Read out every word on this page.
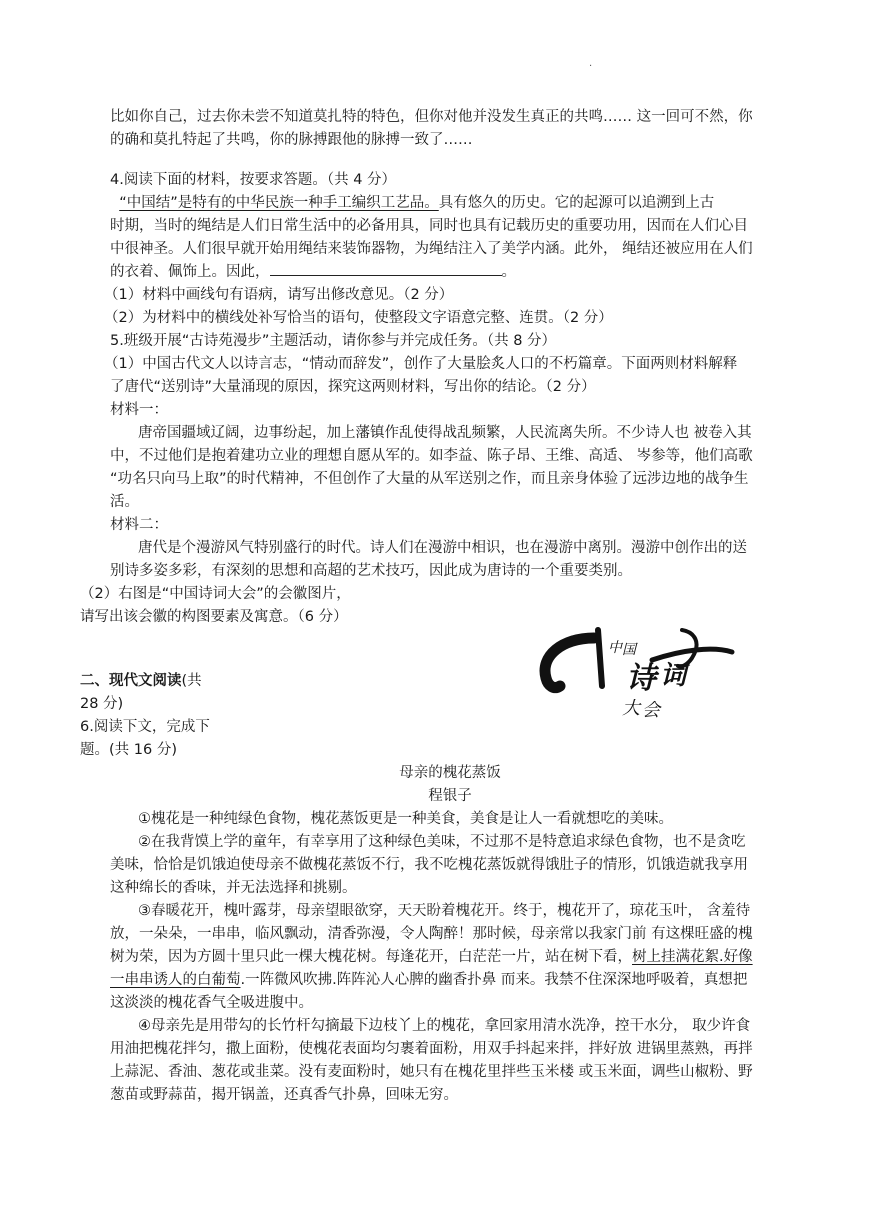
.
比如你自己，过去你未尝不知道莫扎特的特色，但你对他并没发生真正的共鸣…… 这一回可不然，你
的确和莫扎特起了共鸣，你的脉搏跟他的脉搏一致了……
4.阅读下面的材料，按要求答题。（共 4 分）
“中国结”是特有的中华民族一种手工编织工艺品。具有悠久的历史。它的起源可以追溯到上古
时期，当时的绳结是人们日常生活中的必备用具，同时也具有记载历史的重要功用，因而在人们心目
中很神圣。人们很早就开始用绳结来装饰器物，为绳结注入了美学内涵。此外， 绳结还被应用在人们
的衣着、佩饰上。因此，	。
（1）材料中画线句有语病，请写出修改意见。（2 分）
（2）为材料中的横线处补写恰当的语句，使整段文字语意完整、连贯。（2 分）
5.班级开展“古诗苑漫步”主题活动，请你参与并完成任务。（共 8 分）
（1）中国古代文人以诗言志，“情动而辞发”，创作了大量脍炙人口的不朽篇章。下面两则材料解释
了唐代“送别诗”大量涌现的原因，探究这两则材料，写出你的结论。（2 分）
材料一：
唐帝国疆域辽阔，边事纷起，加上藩镇作乱使得战乱频繁，人民流离失所。不少诗人也 被卷入其
中，不过他们是抱着建功立业的理想自愿从军的。如李益、陈子昂、王维、高适、 岑参等，他们高歌
“功名只向马上取”的时代精神，不但创作了大量的从军送别之作，而且亲身体验了远涉边地的战争生
活。
材料二：
唐代是个漫游风气特别盛行的时代。诗人们在漫游中相识，也在漫游中离别。漫游中创作出的送
别诗多姿多彩，有深刻的思想和高超的艺术技巧，因此成为唐诗的一个重要类别。
（2）右图是“中国诗词大会”的会徽图片，
请写出该会徽的构图要素及寓意。（6 分）
中 国
诗 词
大 会
二、现代文阅读(共
28 分)
6.阅读下文，完成下
题。(共 16 分)
母亲的槐花蒸饭
程银子
①槐花是一种纯绿色食物，槐花蒸饭更是一种美食，美食是让人一看就想吃的美味。
②在我背馍上学的童年，有幸享用了这种绿色美味，不过那不是特意追求绿色食物，也不是贪吃
美味，恰恰是饥饿迫使母亲不做槐花蒸饭不行，我不吃槐花蒸饭就得饿肚子的情形，饥饿造就我享用
这种绵长的香味，并无法选择和挑剔。
③春暖花开，槐叶露芽，母亲望眼欲穿，天天盼着槐花开。终于，槐花开了，琼花玉叶， 含羞待
放，一朵朵，一串串，临风飘动，清香弥漫，令人陶醉！那时候，母亲常以我家门前 有这棵旺盛的槐
树为荣，因为方圆十里只此一棵大槐花树。每逢花开，白茫茫一片，站在树下看，树上挂满花絮.好像
一串串诱人的白葡萄.一阵微风吹拂.阵阵沁人心脾的幽香扑鼻 而来。我禁不住深深地呼吸着，真想把
这淡淡的槐花香气全吸进腹中。
④母亲先是用带勾的长竹杆勾摘最下边枝丫上的槐花，拿回家用清水洗净，控干水分， 取少许食
用油把槐花拌匀，撒上面粉，使槐花表面均匀裹着面粉，用双手抖起来拌，拌好放 进锅里蒸熟，再拌
上蒜泥、香油、葱花或韭菜。没有麦面粉时，她只有在槐花里拌些玉米楼 或玉米面，调些山椒粉、野
葱苗或野蒜苗，揭开锅盖，还真香气扑鼻，回味无穷。
